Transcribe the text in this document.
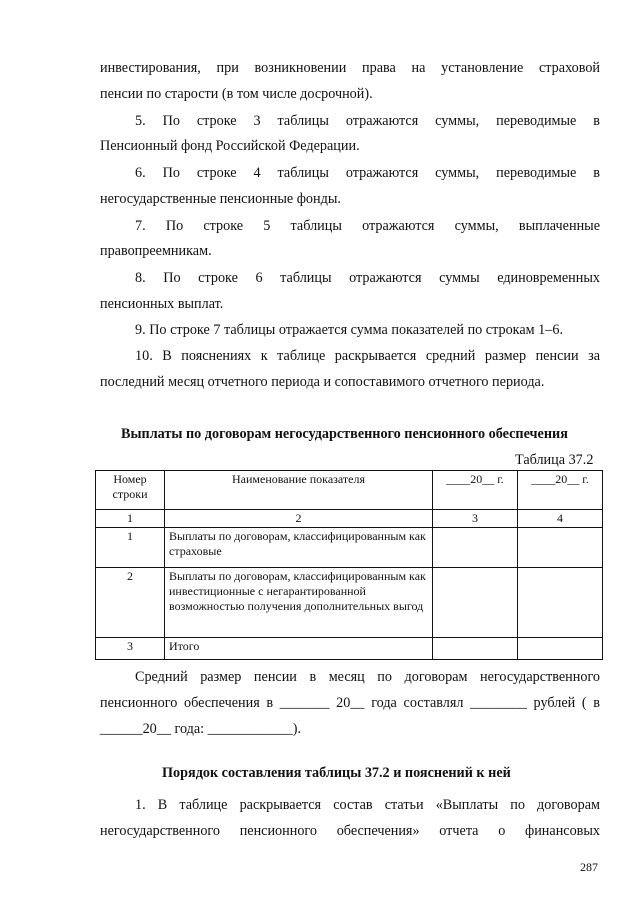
инвестирования, при возникновении права на установление страховой
пенсии по старости (в том числе досрочной).
5. По строке 3 таблицы отражаются суммы, переводимые в
Пенсионный фонд Российской Федерации.
6. По строке 4 таблицы отражаются суммы, переводимые в
негосударственные пенсионные фонды.
7. По строке 5 таблицы отражаются суммы, выплаченные
правопреемникам.
8. По строке 6 таблицы отражаются суммы единовременных
пенсионных выплат.
9. По строке 7 таблицы отражается сумма показателей по строкам 1–6.
10. В пояснениях к таблице раскрывается средний размер пенсии за
последний месяц отчетного периода и сопоставимого отчетного периода.
Выплаты по договорам негосударственного пенсионного обеспечения
Таблица 37.2
Номер строки	Наименование показателя	____20__ г.	____20__ г.
1	2	3	4
1	Выплаты по договорам, классифицированным как страховые		
2	Выплаты по договорам, классифицированным как инвестиционные с негарантированной возможностью получения дополнительных выгод		
3	Итого		
Средний размер пенсии в месяц по договорам негосударственного
пенсионного обеспечения в _______ 20__ года составлял ________ рублей ( в
______20__ года: ____________).
Порядок составления таблицы 37.2 и пояснений к ней
1. В таблице раскрывается состав статьи «Выплаты по договорам
негосударственного пенсионного обеспечения» отчета о финансовых
287
